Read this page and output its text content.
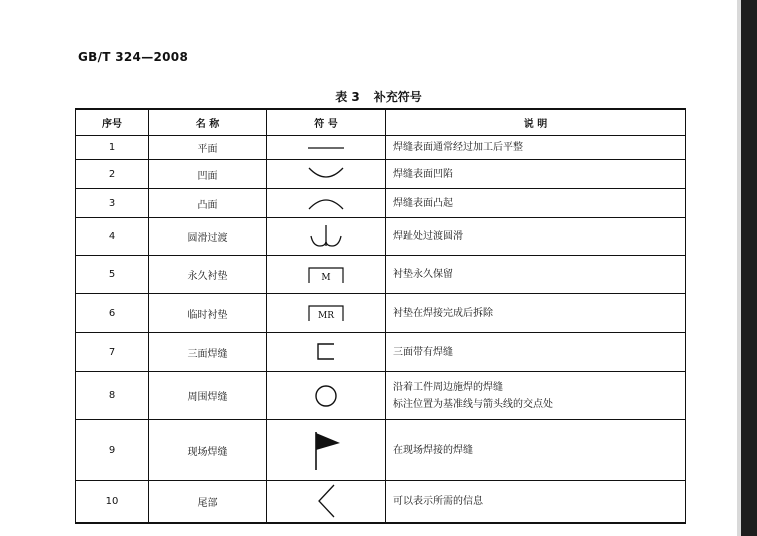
GB/T 324—2008
表 3 补充符号
序号	名 称	符 号	说 明
1	平面		焊缝表面通常经过加工后平整
2	凹面		焊缝表面凹陷
3	凸面		焊缝表面凸起
4	圆滑过渡		焊趾处过渡圆滑
5	永久衬垫	M	衬垫永久保留
6	临时衬垫	MR	衬垫在焊接完成后拆除
7	三面焊缝		三面带有焊缝
8	周围焊缝		沿着工件周边施焊的焊缝
标注位置为基准线与箭头线的交点处

9	现场焊缝		在现场焊接的焊缝
10	尾部		可以表示所需的信息
